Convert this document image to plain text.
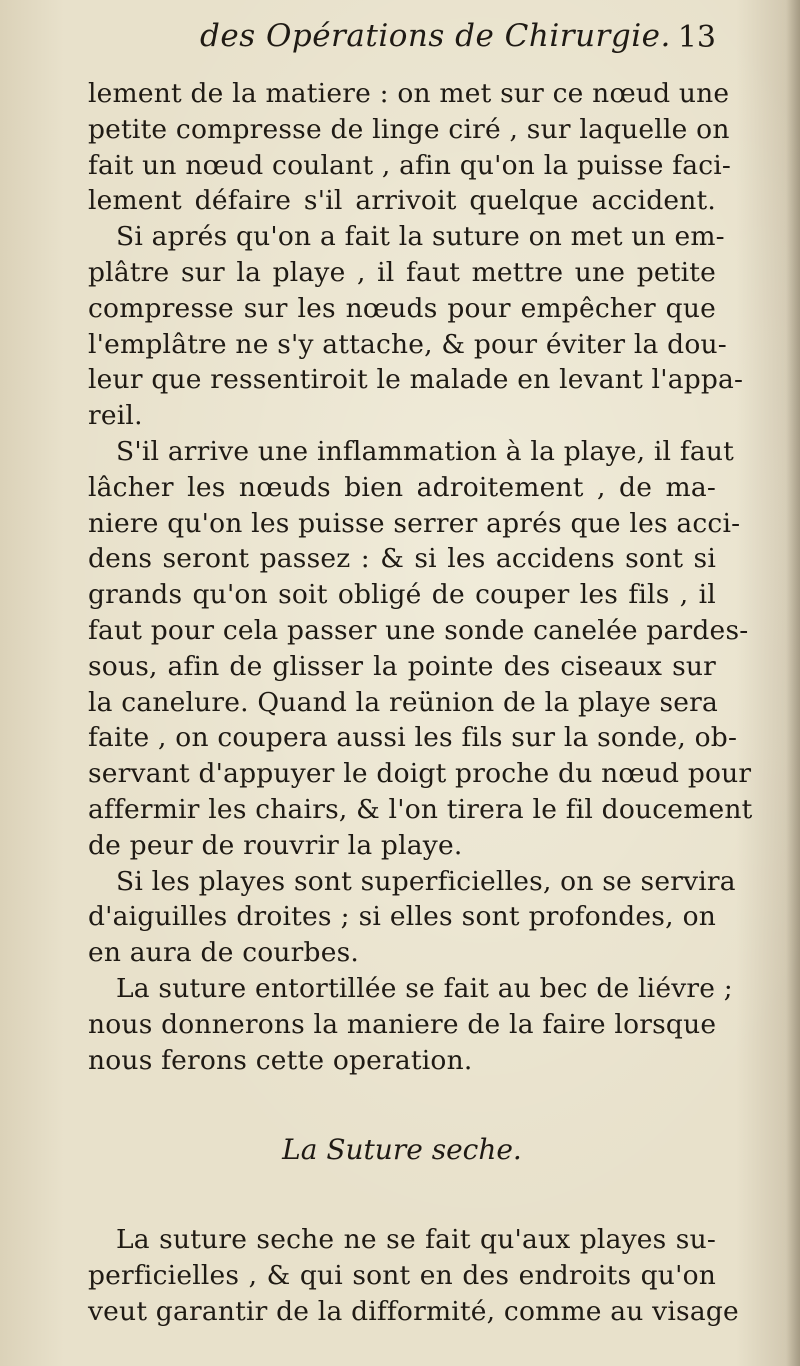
des Opérations de Chirurgie. 13
lement de la matiere : on met sur ce nœud une
petite compresse de linge ciré , sur laquelle on
fait un nœud coulant , afin qu'on la puisse faci-
lement défaire s'il arrivoit quelque accident.
Si aprés qu'on a fait la suture on met un em-
plâtre sur la playe , il faut mettre une petite
compresse sur les nœuds pour empêcher que
l'emplâtre ne s'y attache, & pour éviter la dou-
leur que ressentiroit le malade en levant l'appa-
reil.
S'il arrive une inflammation à la playe, il faut
lâcher les nœuds bien adroitement , de ma-
niere qu'on les puisse serrer aprés que les acci-
dens seront passez : & si les accidens sont si
grands qu'on soit obligé de couper les fils , il
faut pour cela passer une sonde canelée pardes-
sous, afin de glisser la pointe des ciseaux sur
la canelure. Quand la reünion de la playe sera
faite , on coupera aussi les fils sur la sonde, ob-
servant d'appuyer le doigt proche du nœud pour
affermir les chairs, & l'on tirera le fil doucement
de peur de rouvrir la playe.
Si les playes sont superficielles, on se servira
d'aiguilles droites ; si elles sont profondes, on
en aura de courbes.
La suture entortillée se fait au bec de liévre ;
nous donnerons la maniere de la faire lorsque
nous ferons cette operation.
La Suture seche.
La suture seche ne se fait qu'aux playes su-
perficielles , & qui sont en des endroits qu'on
veut garantir de la difformité, comme au visage
